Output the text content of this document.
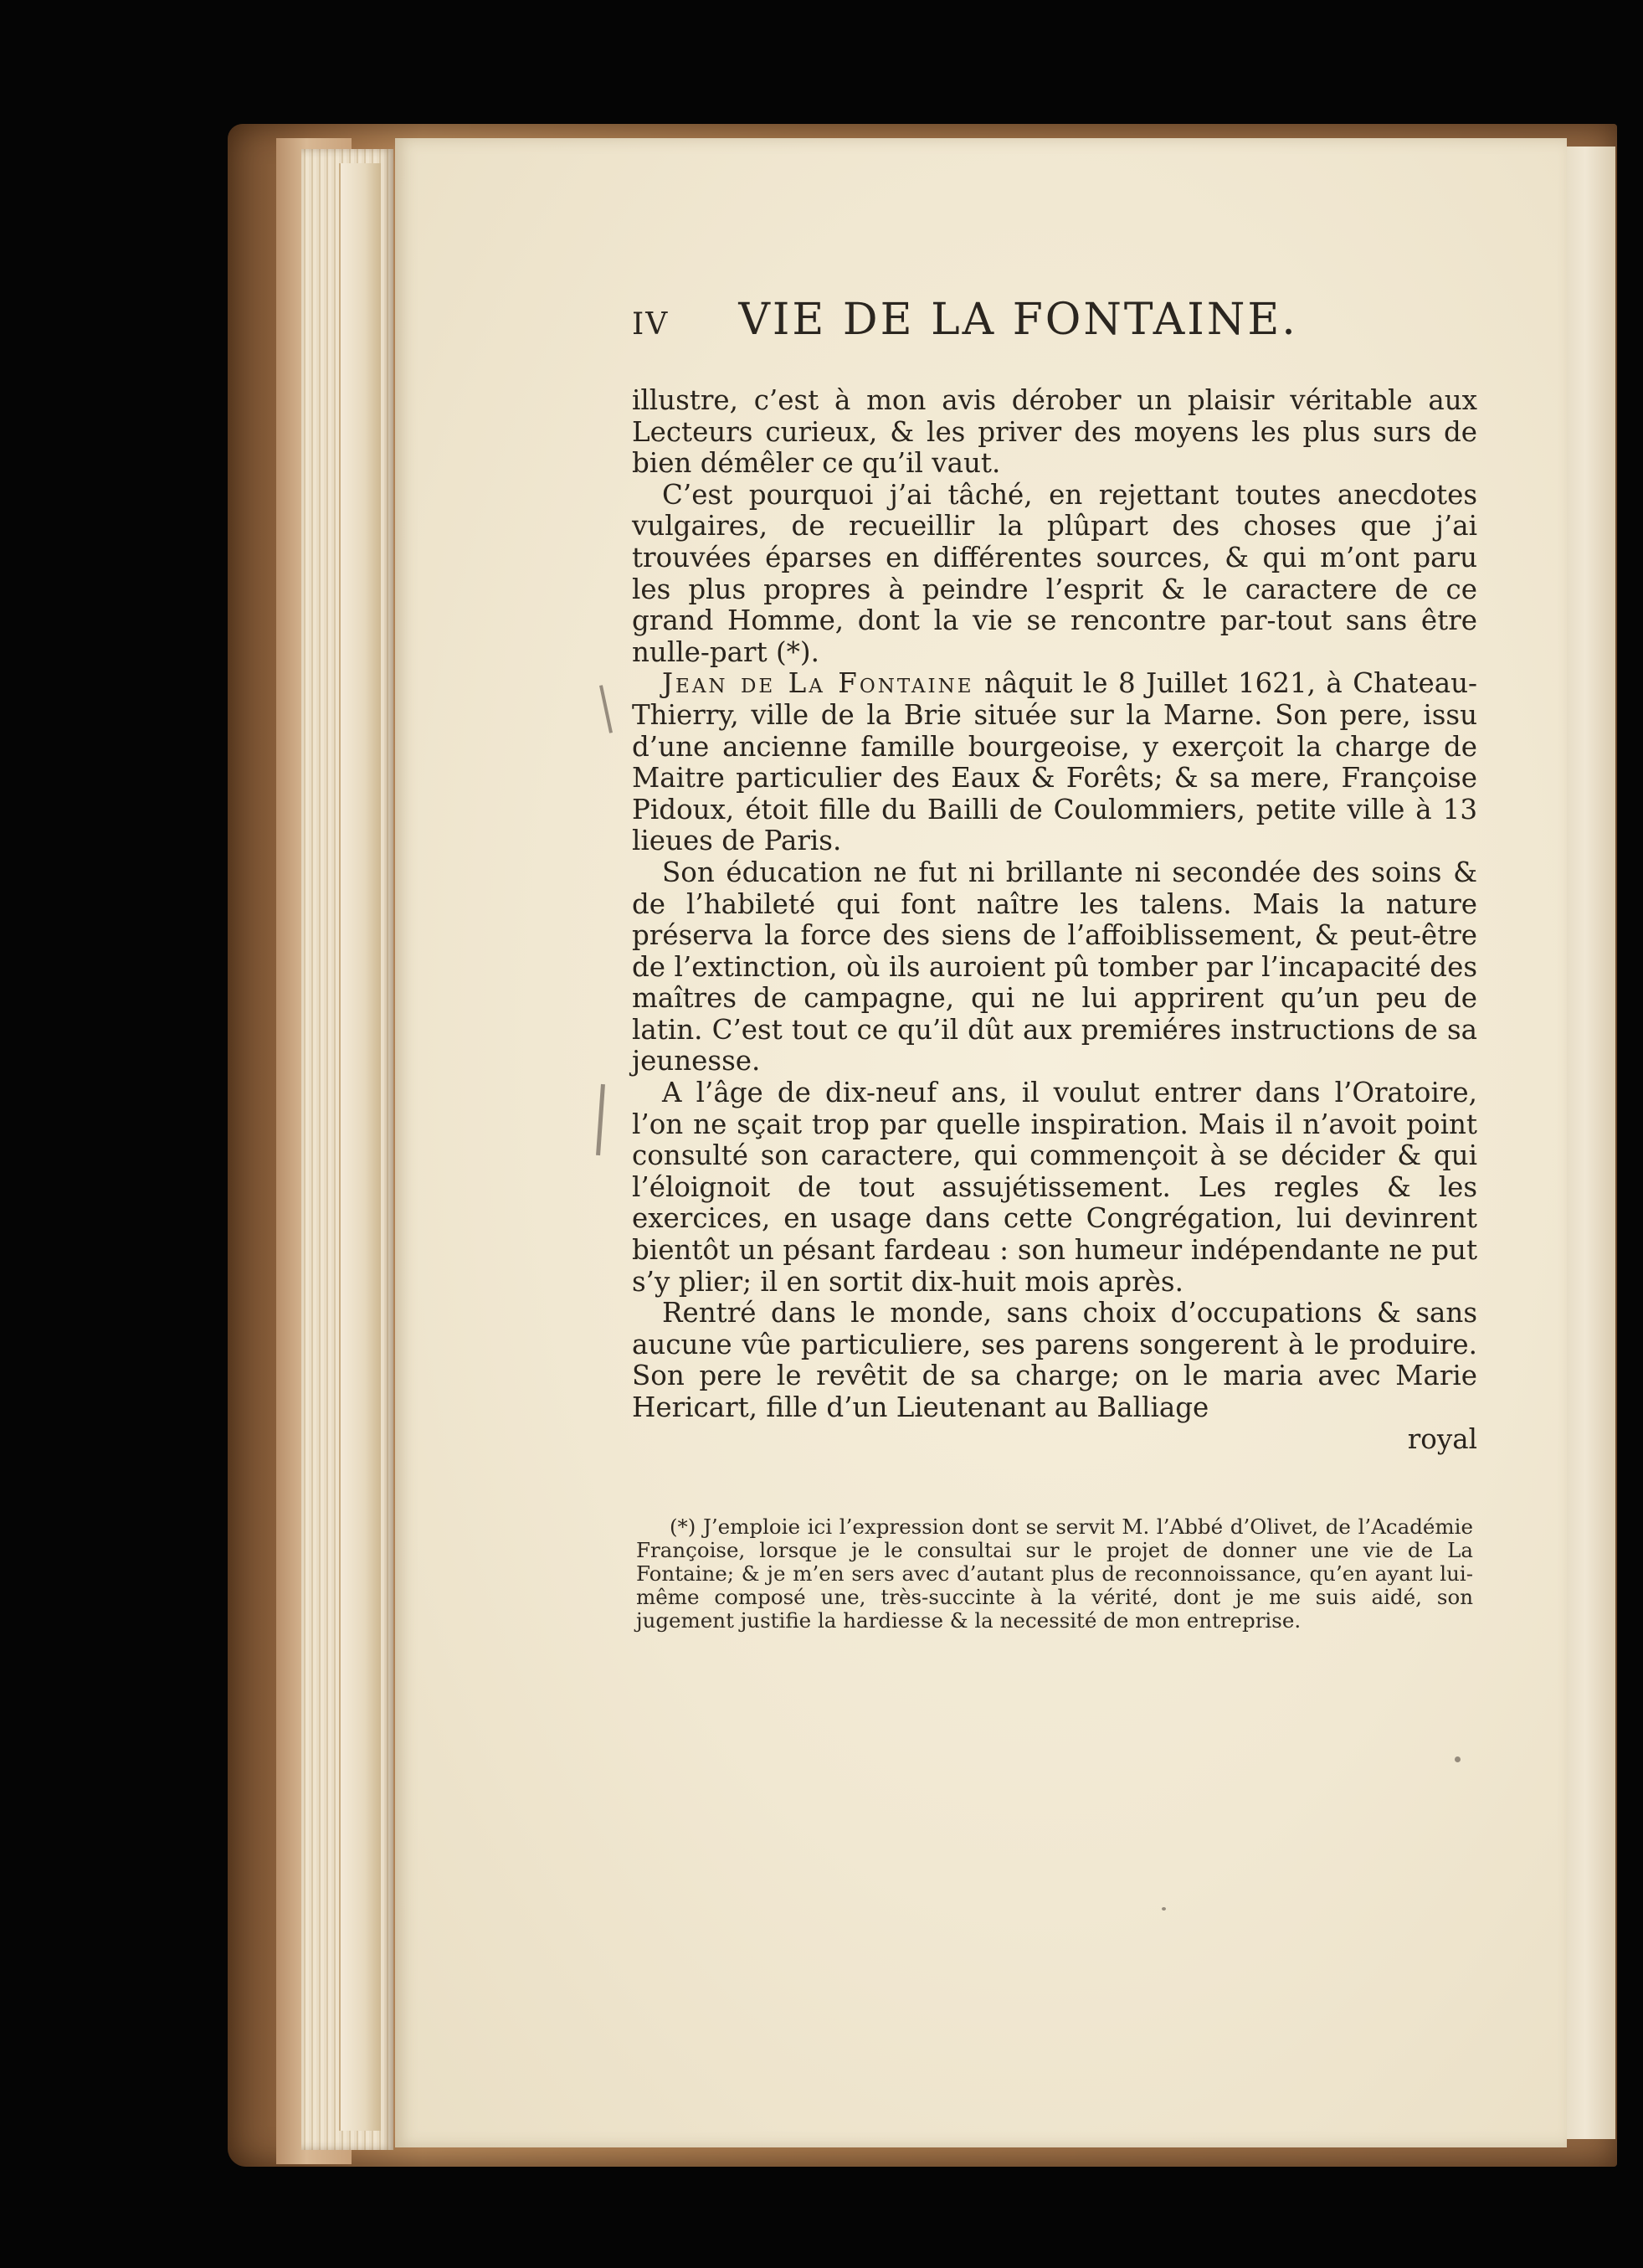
IV VIE DE LA FONTAINE.

illustre, c’est à mon avis dérober un plaisir véritable aux Lecteurs curieux, & les priver des moyens les plus surs de bien démêler ce qu’il vaut.

C’est pourquoi j’ai tâché, en rejettant toutes anecdotes vulgaires, de recueillir la plûpart des choses que j’ai trouvées éparses en différentes sources, & qui m’ont paru les plus propres à peindre l’esprit & le caractere de ce grand Homme, dont la vie se rencontre par-tout sans être nulle-part (*).

Jean de La Fontaine nâquit le 8 Juillet 1621, à Chateau-Thierry, ville de la Brie située sur la Marne. Son pere, issu d’une ancienne famille bourgeoise, y exerçoit la charge de Maitre particulier des Eaux & Forêts; & sa mere, Françoise Pidoux, étoit fille du Bailli de Coulommiers, petite ville à 13 lieues de Paris.

Son éducation ne fut ni brillante ni secondée des soins & de l’habileté qui font naître les talens. Mais la nature préserva la force des siens de l’affoiblissement, & peut-être de l’extinction, où ils auroient pû tomber par l’incapacité des maîtres de campagne, qui ne lui apprirent qu’un peu de latin. C’est tout ce qu’il dût aux premiéres instructions de sa jeunesse.

A l’âge de dix-neuf ans, il voulut entrer dans l’Oratoire, l’on ne sçait trop par quelle inspiration. Mais il n’avoit point consulté son caractere, qui commençoit à se décider & qui l’éloignoit de tout assujétissement. Les regles & les exercices, en usage dans cette Congrégation, lui devinrent bientôt un pésant fardeau : son humeur indépendante ne put s’y plier; il en sortit dix-huit mois après.

Rentré dans le monde, sans choix d’occupations & sans aucune vûe particuliere, ses parens songerent à le produire. Son pere le revêtit de sa charge; on le maria avec Marie Hericart, fille d’un Lieutenant au Balliage

royal

(*) J’emploie ici l’expression dont se servit M. l’Abbé d’Olivet, de l’Académie Françoise, lorsque je le consultai sur le projet de donner une vie de La Fontaine; & je m’en sers avec d’autant plus de reconnoissance, qu’en ayant lui-même composé une, très-succinte à la vérité, dont je me suis aidé, son jugement justifie la hardiesse & la necessité de mon entreprise.
